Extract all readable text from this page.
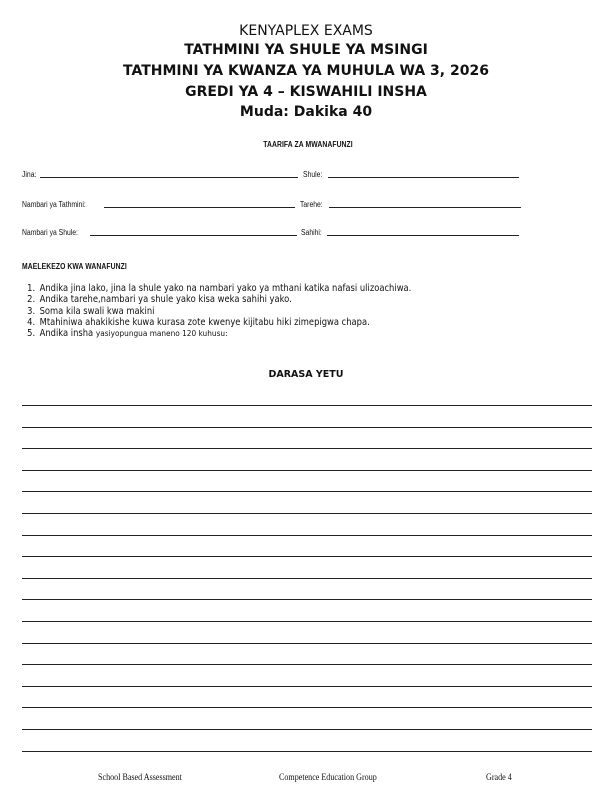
KENYAPLEX EXAMS
TATHMINI YA SHULE YA MSINGI
TATHMINI YA KWANZA YA MUHULA WA 3, 2026
GREDI YA 4 – KISWAHILI INSHA
Muda: Dakika 40
TAARIFA ZA MWANAFUNZI
Jina:	Shule:
Nambari ya Tathmini:	Tarehe:
Nambari ya Shule:	Sahihi:
MAELEKEZO KWA WANAFUNZI
1. Andika jina lako, jina la shule yako na nambari yako ya mthani katika nafasi ulizoachiwa.
2. Andika tarehe,nambari ya shule yako kisa weka sahihi yako.
3. Soma kila swali kwa makini
4. Mtahiniwa ahakikishe kuwa kurasa zote kwenye kijitabu hiki zimepigwa chapa.
5. Andika insha yasiyopungua maneno 120 kuhusu:
DARASA YETU
School Based Assessment	Competence Education Group	Grade 4
